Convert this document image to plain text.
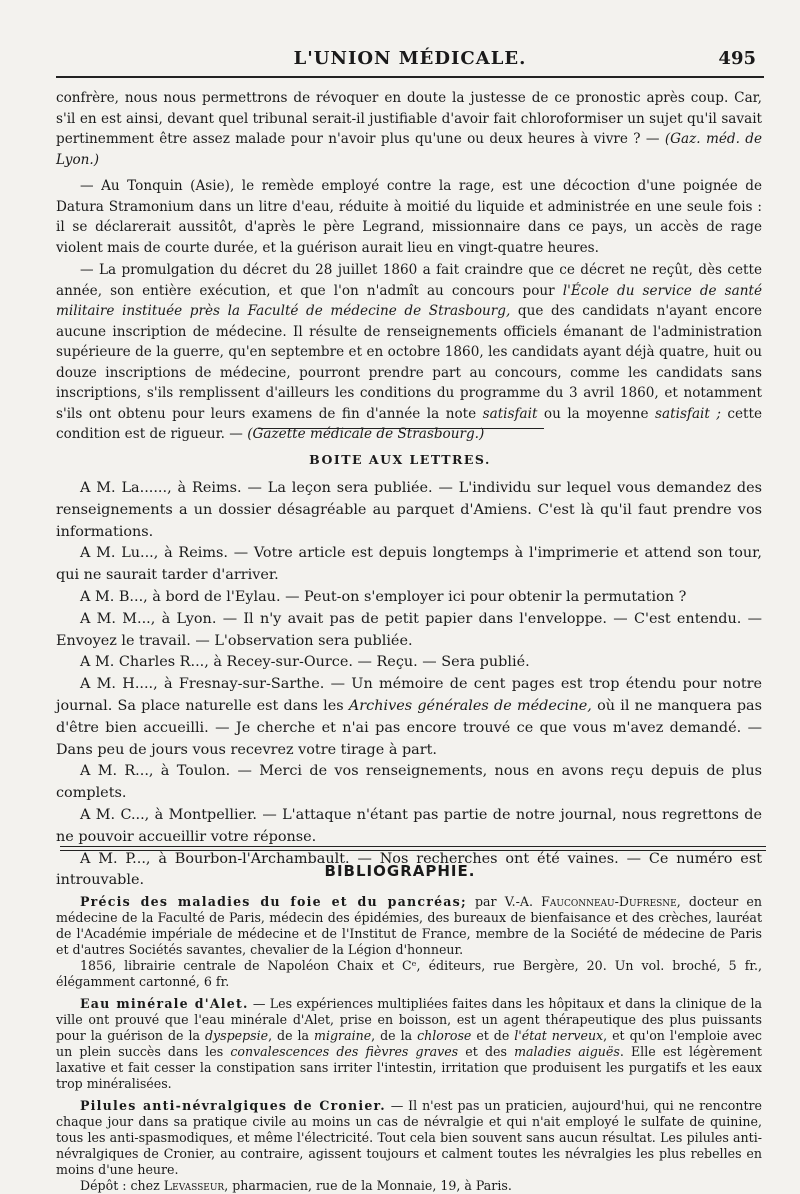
L'UNION MÉDICALE.	495

confrère, nous nous permettrons de révoquer en doute la justesse de ce pronostic après coup. Car, s'il en est ainsi, devant quel tribunal serait-il justifiable d'avoir fait chloroformiser un sujet qu'il savait pertinemment être assez malade pour n'avoir plus qu'une ou deux heures à vivre ? — (Gaz. méd. de Lyon.)

— Au Tonquin (Asie), le remède employé contre la rage, est une décoction d'une poignée de Datura Stramonium dans un litre d'eau, réduite à moitié du liquide et administrée en une seule fois : il se déclarerait aussitôt, d'après le père Legrand, missionnaire dans ce pays, un accès de rage violent mais de courte durée, et la guérison aurait lieu en vingt-quatre heures.

— La promulgation du décret du 28 juillet 1860 a fait craindre que ce décret ne reçût, dès cette année, son entière exécution, et que l'on n'admît au concours pour l'École du service de santé militaire instituée près la Faculté de médecine de Strasbourg, que des candidats n'ayant encore aucune inscription de médecine. Il résulte de renseignements officiels émanant de l'administration supérieure de la guerre, qu'en septembre et en octobre 1860, les candidats ayant déjà quatre, huit ou douze inscriptions de médecine, pourront prendre part au concours, comme les candidats sans inscriptions, s'ils remplissent d'ailleurs les conditions du programme du 3 avril 1860, et notamment s'ils ont obtenu pour leurs examens de fin d'année la note satisfait ou la moyenne satisfait ; cette condition est de rigueur. — (Gazette médicale de Strasbourg.)

BOITE AUX LETTRES.

A M. La......, à Reims. — La leçon sera publiée. — L'individu sur lequel vous demandez des renseignements a un dossier désagréable au parquet d'Amiens. C'est là qu'il faut prendre vos informations.

A M. Lu..., à Reims. — Votre article est depuis longtemps à l'imprimerie et attend son tour, qui ne saurait tarder d'arriver.

A M. B..., à bord de l'Eylau. — Peut-on s'employer ici pour obtenir la permutation ?

A M. M..., à Lyon. — Il n'y avait pas de petit papier dans l'enveloppe. — C'est entendu. — Envoyez le travail. — L'observation sera publiée.

A M. Charles R..., à Recey-sur-Ource. — Reçu. — Sera publié.

A M. H...., à Fresnay-sur-Sarthe. — Un mémoire de cent pages est trop étendu pour notre journal. Sa place naturelle est dans les Archives générales de médecine, où il ne manquera pas d'être bien accueilli. — Je cherche et n'ai pas encore trouvé ce que vous m'avez demandé. — Dans peu de jours vous recevrez votre tirage à part.

A M. R..., à Toulon. — Merci de vos renseignements, nous en avons reçu depuis de plus complets.

A M. C..., à Montpellier. — L'attaque n'étant pas partie de notre journal, nous regrettons de ne pouvoir accueillir votre réponse.

A M. P..., à Bourbon-l'Archambault. — Nos recherches ont été vaines. — Ce numéro est introuvable.

BIBLIOGRAPHIE.

Précis des maladies du foie et du pancréas; par V.-A. Fauconneau-Dufresne, docteur en médecine de la Faculté de Paris, médecin des épidémies, des bureaux de bienfaisance et des crèches, lauréat de l'Académie impériale de médecine et de l'Institut de France, membre de la Société de médecine de Paris et d'autres Sociétés savantes, chevalier de la Légion d'honneur.

1856, librairie centrale de Napoléon Chaix et Cᵉ, éditeurs, rue Bergère, 20. Un vol. broché, 5 fr., élégamment cartonné, 6 fr.

Eau minérale d'Alet. — Les expériences multipliées faites dans les hôpitaux et dans la clinique de la ville ont prouvé que l'eau minérale d'Alet, prise en boisson, est un agent thérapeutique des plus puissants pour la guérison de la dyspepsie, de la migraine, de la chlorose et de l'état nerveux, et qu'on l'emploie avec un plein succès dans les convalescences des fièvres graves et des maladies aiguës. Elle est légèrement laxative et fait cesser la constipation sans irriter l'intestin, irritation que produisent les purgatifs et les eaux trop minéralisées.

Pilules anti-névralgiques de Cronier. — Il n'est pas un praticien, aujourd'hui, qui ne rencontre chaque jour dans sa pratique civile au moins un cas de névralgie et qui n'ait employé le sulfate de quinine, tous les anti-spasmodiques, et même l'électricité. Tout cela bien souvent sans aucun résultat. Les pilules anti-névralgiques de Cronier, au contraire, agissent toujours et calment toutes les névralgies les plus rebelles en moins d'une heure.

Dépôt : chez Levasseur, pharmacien, rue de la Monnaie, 19, à Paris.
